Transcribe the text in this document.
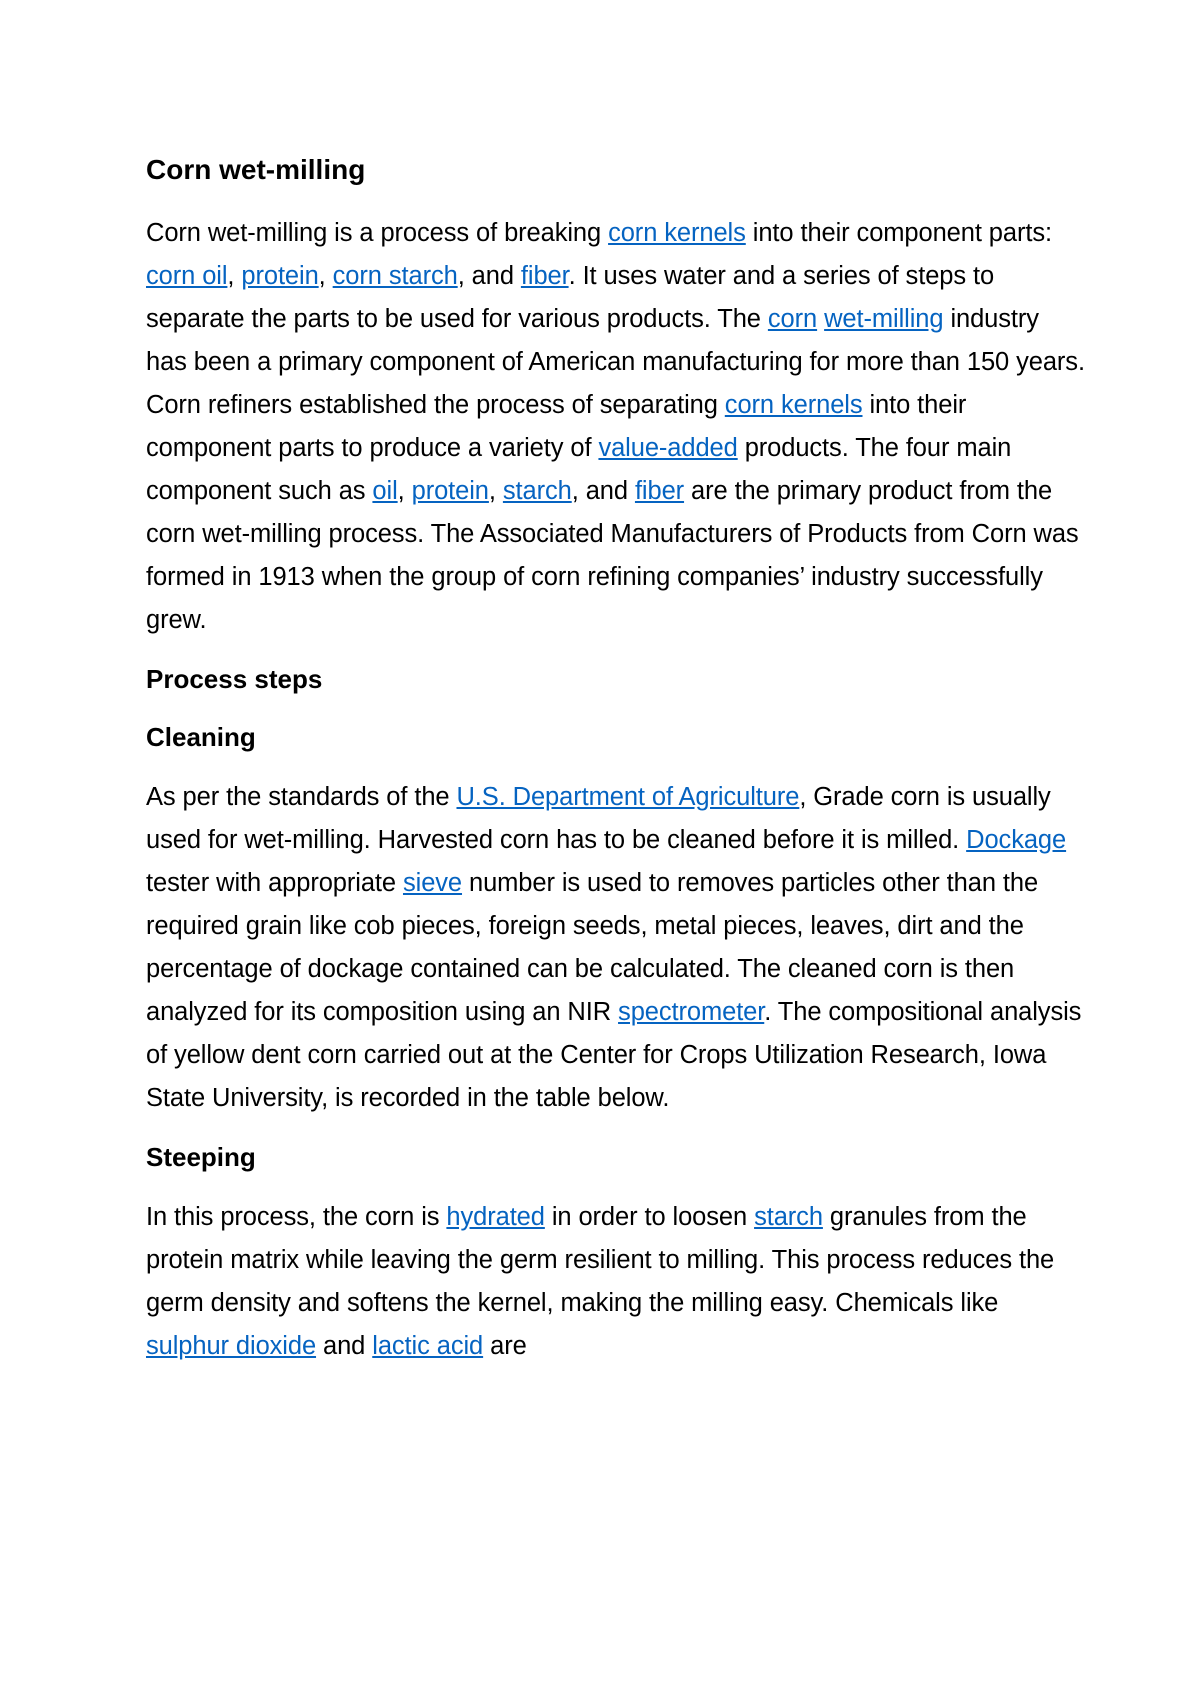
Corn wet-milling

Corn wet-milling is a process of breaking corn kernels into their component parts: corn oil, protein, corn starch, and fiber. It uses water and a series of steps to separate the parts to be used for various products. The corn wet-milling industry has been a primary component of American manufacturing for more than 150 years. Corn refiners established the process of separating corn kernels into their component parts to produce a variety of value-added products. The four main component such as oil, protein, starch, and fiber are the primary product from the corn wet-milling process. The Associated Manufacturers of Products from Corn was formed in 1913 when the group of corn refining companies’ industry successfully grew.

Process steps
Cleaning

As per the standards of the U.S. Department of Agriculture, Grade corn is usually used for wet-milling. Harvested corn has to be cleaned before it is milled. Dockage tester with appropriate sieve number is used to removes particles other than the required grain like cob pieces, foreign seeds, metal pieces, leaves, dirt and the percentage of dockage contained can be calculated. The cleaned corn is then analyzed for its composition using an NIR spectrometer. The compositional analysis of yellow dent corn carried out at the Center for Crops Utilization Research, Iowa State University, is recorded in the table below.

Steeping

In this process, the corn is hydrated in order to loosen starch granules from the protein matrix while leaving the germ resilient to milling. This process reduces the germ density and softens the kernel, making the milling easy. Chemicals like sulphur dioxide and lactic acid are
